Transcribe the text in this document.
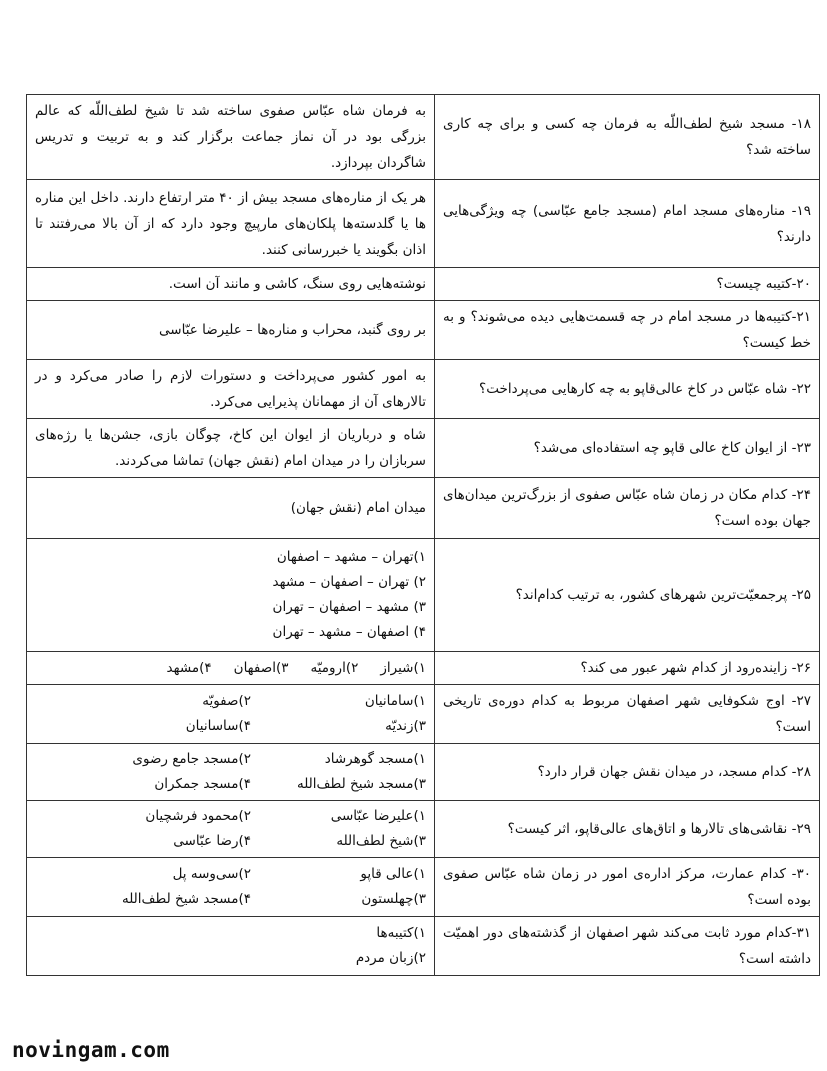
۱۸- مسجد شیخ لطف‌اللّه به فرمان چه کسی و برای چه کاری ساخته شد؟	به فرمان شاه عبّاس صفوی ساخته شد تا شیخ لطف‌اللّه که عالم بزرگی بود در آن نماز جماعت برگزار کند و به تربیت و تدریس شاگردان بپردازد.
۱۹- مناره‌های مسجد امام (مسجد جامع عبّاسی) چه ویژگی‌هایی دارند؟	هر یک از منار‌ه‌های مسجد بیش از ۴۰ متر ارتفاع دارند. داخل این مناره ها یا گلدسته‌ها پلکان‌های مارپیچ وجود دارد که از آن بالا می‌رفتند تا اذان بگویند یا خبررسانی کنند.
۲۰-کتیبه چیست؟	نوشته‌هایی روی سنگ، کاشی و مانند آن است.
۲۱-کتیبه‌ها در مسجد امام در چه قسمت‌هایی دیده می‌شوند؟ و به خط کیست؟	بر روی گنبد، محراب و منار‌ه‌ها – علیرضا عبّاسی
۲۲- شاه عبّاس در کاخ عالی‌قاپو به چه کارهایی می‌پرداخت؟	به امور کشور می‌پرداخت و دستورات لازم را صادر می‌کرد و در تالار‌های آن از مهمانان پذیرایی می‌کرد.
۲۳- از ایوان کاخ عالی قاپو چه استفاده‌ای می‌شد؟	شاه و درباریان از ایوان این کاخ، چوگان بازی، جشن‌ها یا رژه‌های سربازان را در میدان امام (نقش جهان) تماشا می‌کردند.
۲۴- کدام مکان در زمان شاه عبّاس صفوی از بزرگ‌ترین میدان‌های جهان بوده است؟	میدان امام (نقش جهان)
۲۵- پرجمعیّت‌ترین شهرهای کشور، به ترتیب کدام‌اند؟	۱)تهران – مشهد – اصفهان
۲) تهران – اصفهان – مشهد
۳) مشهد – اصفهان – تهران
۴) اصفهان – مشهد – تهران

۲۶- زاینده‌رود از کدام شهر عبور می کند؟	۱)شیراز
۲)ارومیّه
۳)اصفهان
۴)مشهد

۲۷- اوج شکوفایی شهر اصفهان مربوط به کدام دوره‌ی تاریخی است؟	۱)سامانیان
۲)صفویّه
۳)زندیّه
۴)ساسانیان

۲۸- کدام مسجد، در میدان نقش جهان قرار دارد؟	۱)مسجد گوهرشاد
۲)مسجد جامع رضوی
۳)مسجد شیخ لطف‌الله
۴)مسجد جمکران

۲۹- نقاشی‌های تالارها و اتاق‌های عالی‌قاپو، اثر کیست؟	۱)علیرضا عبّاسی
۲)محمود فرشچیان
۳)شیخ لطف‌الله
۴)رضا عبّاسی

۳۰- کدام عمارت، مرکز اداره‌ی امور در زمان شاه عبّاس صفوی بوده است؟	۱)عالی قاپو
۲)سی‌وسه پل
۳)چهلستون
۴)مسجد شیخ لطف‌الله

۳۱-کدام مورد ثابت می‌کند شهر اصفهان از گذشته‌های دور اهمیّت داشته است؟	۱)کتیبه‌ها
۲)زبان مردم
novingam.com
